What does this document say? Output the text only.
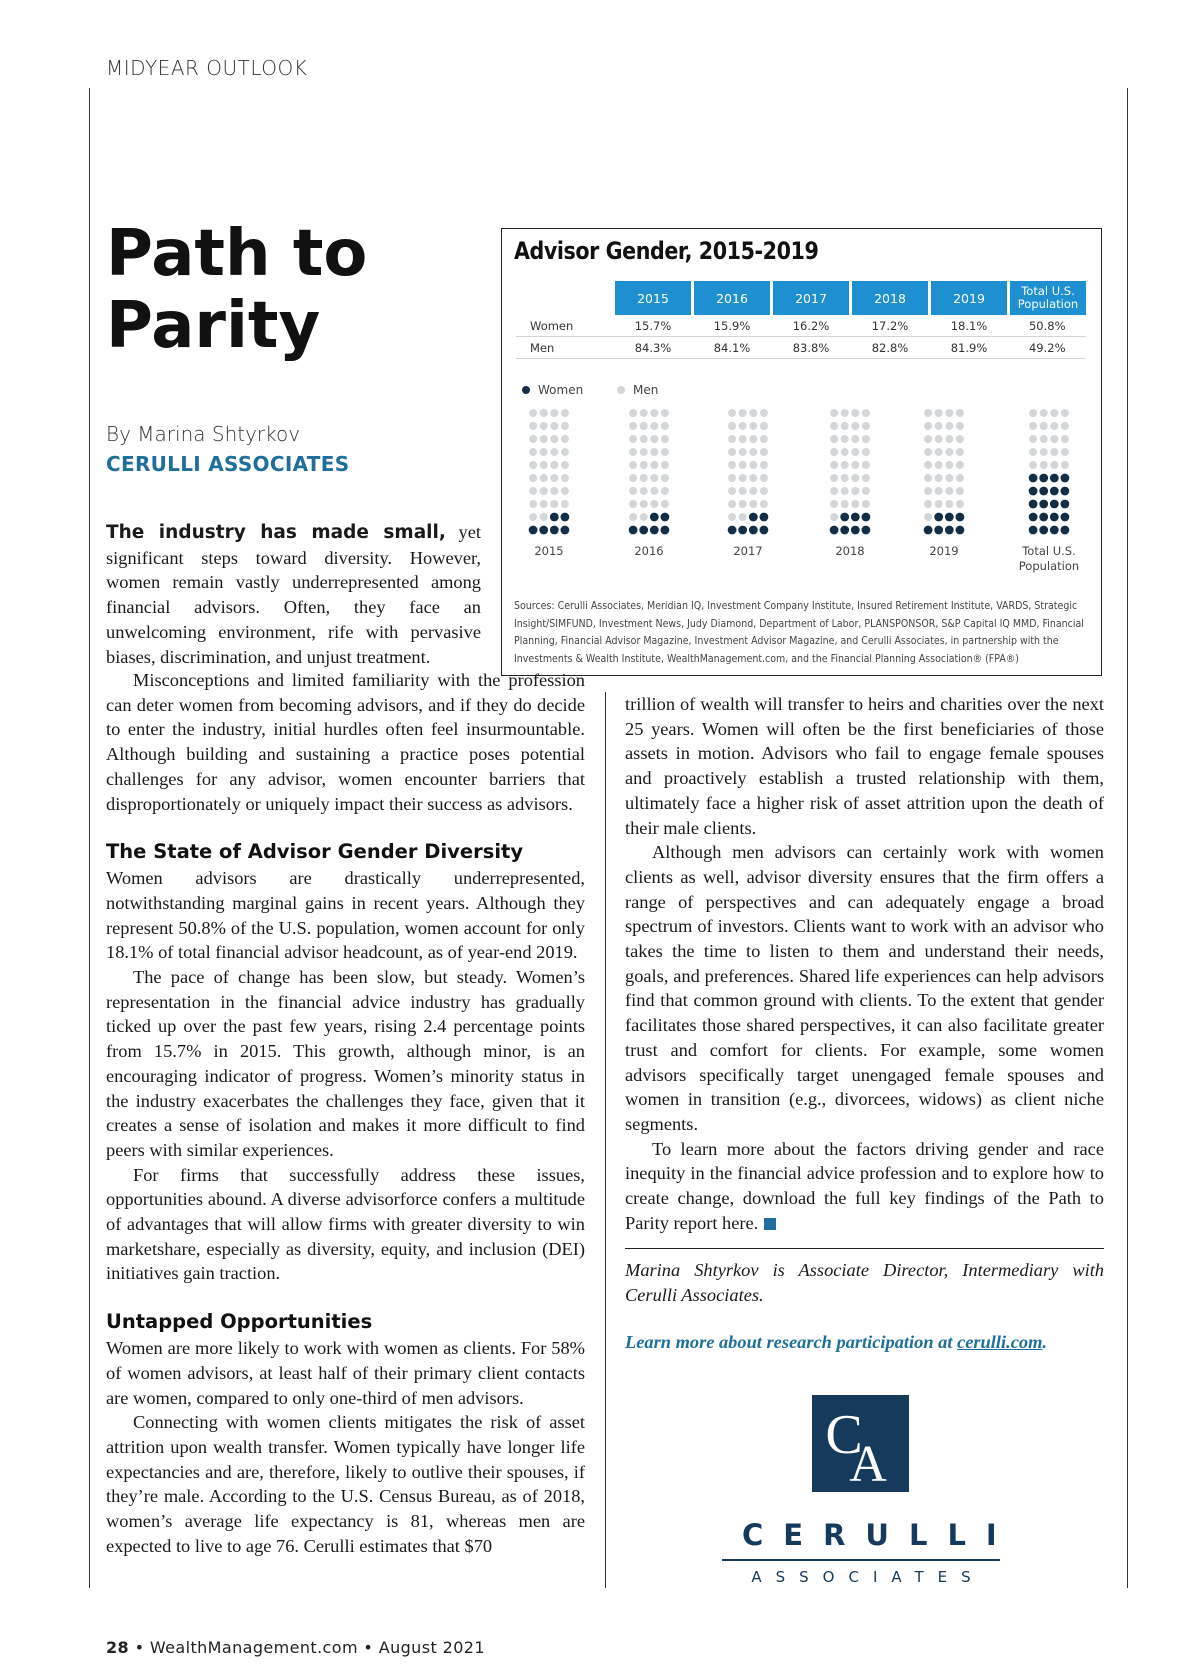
MIDYEAR OUTLOOK
Path to Parity
By Marina Shtyrkov
CERULLI ASSOCIATES

The industry has made small, yet significant steps toward diversity. However, women remain vastly underrepresented among financial advisors. Often, they face an unwelcoming environment, rife with pervasive biases, discrimination, and unjust treatment.

Advisor Gender, 2015-2019
	2015	2016	2017	2018	2019	Total U.S. Population
Women	15.7%	15.9%	16.2%	17.2%	18.1%	50.8%
Men	84.3%	84.1%	83.8%	82.8%	81.9%	49.2%
Women
	Men
2015	2016	2017	2018	2019	Total U.S.
Population
Sources: Cerulli Associates, Meridian IQ, Investment Company Institute, Insured Retirement Institute, VARDS, Strategic Insight/SIMFUND, Investment News, Judy Diamond, Department of Labor, PLANSPONSOR, S&P Capital IQ MMD, Financial Planning, Financial Advisor Magazine, Investment Advisor Magazine, and Cerulli Associates, in partnership with the Investments & Wealth Institute, WealthManagement.com, and the Financial Planning Association® (FPA®)

Misconceptions and limited familiarity with the profession can deter women from becoming advisors, and if they do decide to enter the industry, initial hurdles often feel insurmountable. Although building and sustaining a practice poses potential challenges for any advisor, women encounter barriers that disproportionately or uniquely impact their success as advisors.

The State of Advisor Gender Diversity

Women advisors are drastically underrepresented, notwithstanding marginal gains in recent years. Although they represent 50.8% of the U.S. population, women account for only 18.1% of total financial advisor headcount, as of year-end 2019.

The pace of change has been slow, but steady. Women’s representation in the financial advice industry has gradually ticked up over the past few years, rising 2.4 percentage points from 15.7% in 2015. This growth, although minor, is an encouraging indicator of progress. Women’s minority status in the industry exacerbates the challenges they face, given that it creates a sense of isolation and makes it more difficult to find peers with similar experiences.

For firms that successfully address these issues, opportunities abound. A diverse advisorforce confers a multitude of advantages that will allow firms with greater diversity to win marketshare, especially as diversity, equity, and inclusion (DEI) initiatives gain traction.

Untapped Opportunities

Women are more likely to work with women as clients. For 58% of women advisors, at least half of their primary client contacts are women, compared to only one-third of men advisors.

Connecting with women clients mitigates the risk of asset attrition upon wealth transfer. Women typically have longer life expectancies and are, therefore, likely to outlive their spouses, if they’re male. According to the U.S. Census Bureau, as of 2018, women’s average life expectancy is 81, whereas men are expected to live to age 76. Cerulli estimates that $70

trillion of wealth will transfer to heirs and charities over the next 25 years. Women will often be the first beneficiaries of those assets in motion. Advisors who fail to engage female spouses and proactively establish a trusted relationship with them, ultimately face a higher risk of asset attrition upon the death of their male clients.

Although men advisors can certainly work with women clients as well, advisor diversity ensures that the firm offers a range of perspectives and can adequately engage a broad spectrum of investors. Clients want to work with an advisor who takes the time to listen to them and understand their needs, goals, and preferences. Shared life experiences can help advisors find that common ground with clients. To the extent that gender facilitates those shared perspectives, it can also facilitate greater trust and comfort for clients. For example, some women advisors specifically target unengaged female spouses and women in transition (e.g., divorcees, widows) as client niche segments.

To learn more about the factors driving gender and race inequity in the financial advice profession and to explore how to create change, download the full key findings of the Path to Parity report here.

Marina Shtyrkov is Associate Director, Intermediary with Cerulli Associates.
Learn more about research participation at cerulli.com.
C
A
CERULLI
ASSOCIATES
28 • WealthManagement.com • August 2021
